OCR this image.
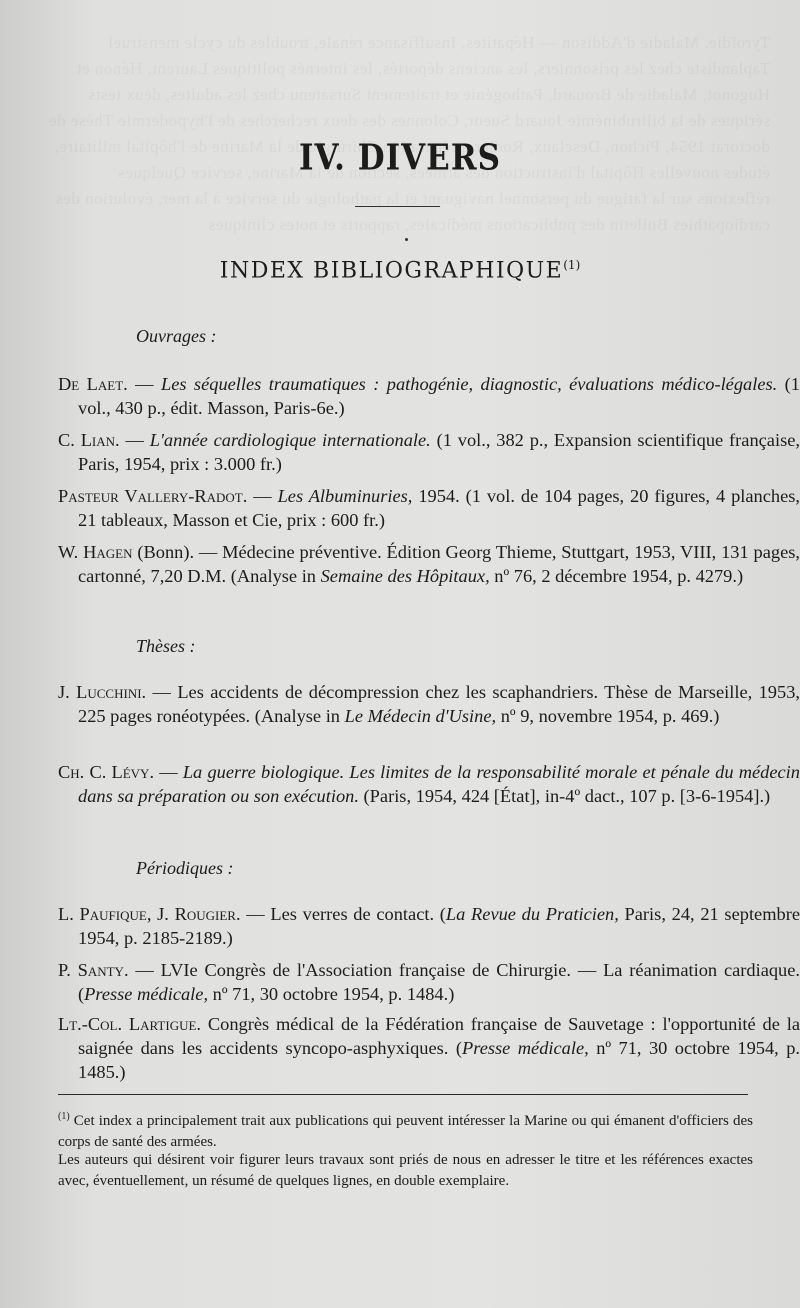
IV. DIVERS
INDEX BIBLIOGRAPHIQUE$^{(1)}$
Ouvrages :
De Laet. — Les séquelles traumatiques : pathogénie, diagnostic, évaluations médico-légales. (1 vol., 430 p., édit. Masson, Paris-6e.)
C. Lian. — L'année cardiologique internationale. (1 vol., 382 p., Expansion scientifique française, Paris, 1954, prix : 3.000 fr.)
Pasteur Vallery-Radot. — Les Albuminuries, 1954. (1 vol. de 104 pages, 20 figures, 4 planches, 21 tableaux, Masson et Cie, prix : 600 fr.)
W. Hagen (Bonn). — Médecine préventive. Édition Georg Thieme, Stuttgart, 1953, VIII, 131 pages, cartonné, 7,20 D.M. (Analyse in Semaine des Hôpitaux, nº 76, 2 décembre 1954, p. 4279.)
Thèses :
J. Lucchini. — Les accidents de décompression chez les scaphandriers. Thèse de Marseille, 1953, 225 pages ronéotypées. (Analyse in Le Médecin d'Usine, nº 9, novembre 1954, p. 469.)
Ch. C. Lévy. — La guerre biologique. Les limites de la responsabilité morale et pénale du médecin dans sa préparation ou son exécution. (Paris, 1954, 424 [État], in-4º dact., 107 p. [3-6-1954].)
Périodiques :
L. Paufique, J. Rougier. — Les verres de contact. (La Revue du Praticien, Paris, 24, 21 septembre 1954, p. 2185-2189.)
P. Santy. — LVIe Congrès de l'Association française de Chirurgie. — La réanimation cardiaque. (Presse médicale, nº 71, 30 octobre 1954, p. 1484.)
Lt.-Col. Lartigue. Congrès médical de la Fédération française de Sauvetage : l'opportunité de la saignée dans les accidents syncopo-asphyxiques. (Presse médicale, nº 71, 30 octobre 1954, p. 1485.)
$^{(1)}$ Cet index a principalement trait aux publications qui peuvent intéresser la Marine ou qui émanent d'officiers des corps de santé des armées.
Les auteurs qui désirent voir figurer leurs travaux sont priés de nous en adresser le titre et les références exactes avec, éventuellement, un résumé de quelques lignes, en double exemplaire.
